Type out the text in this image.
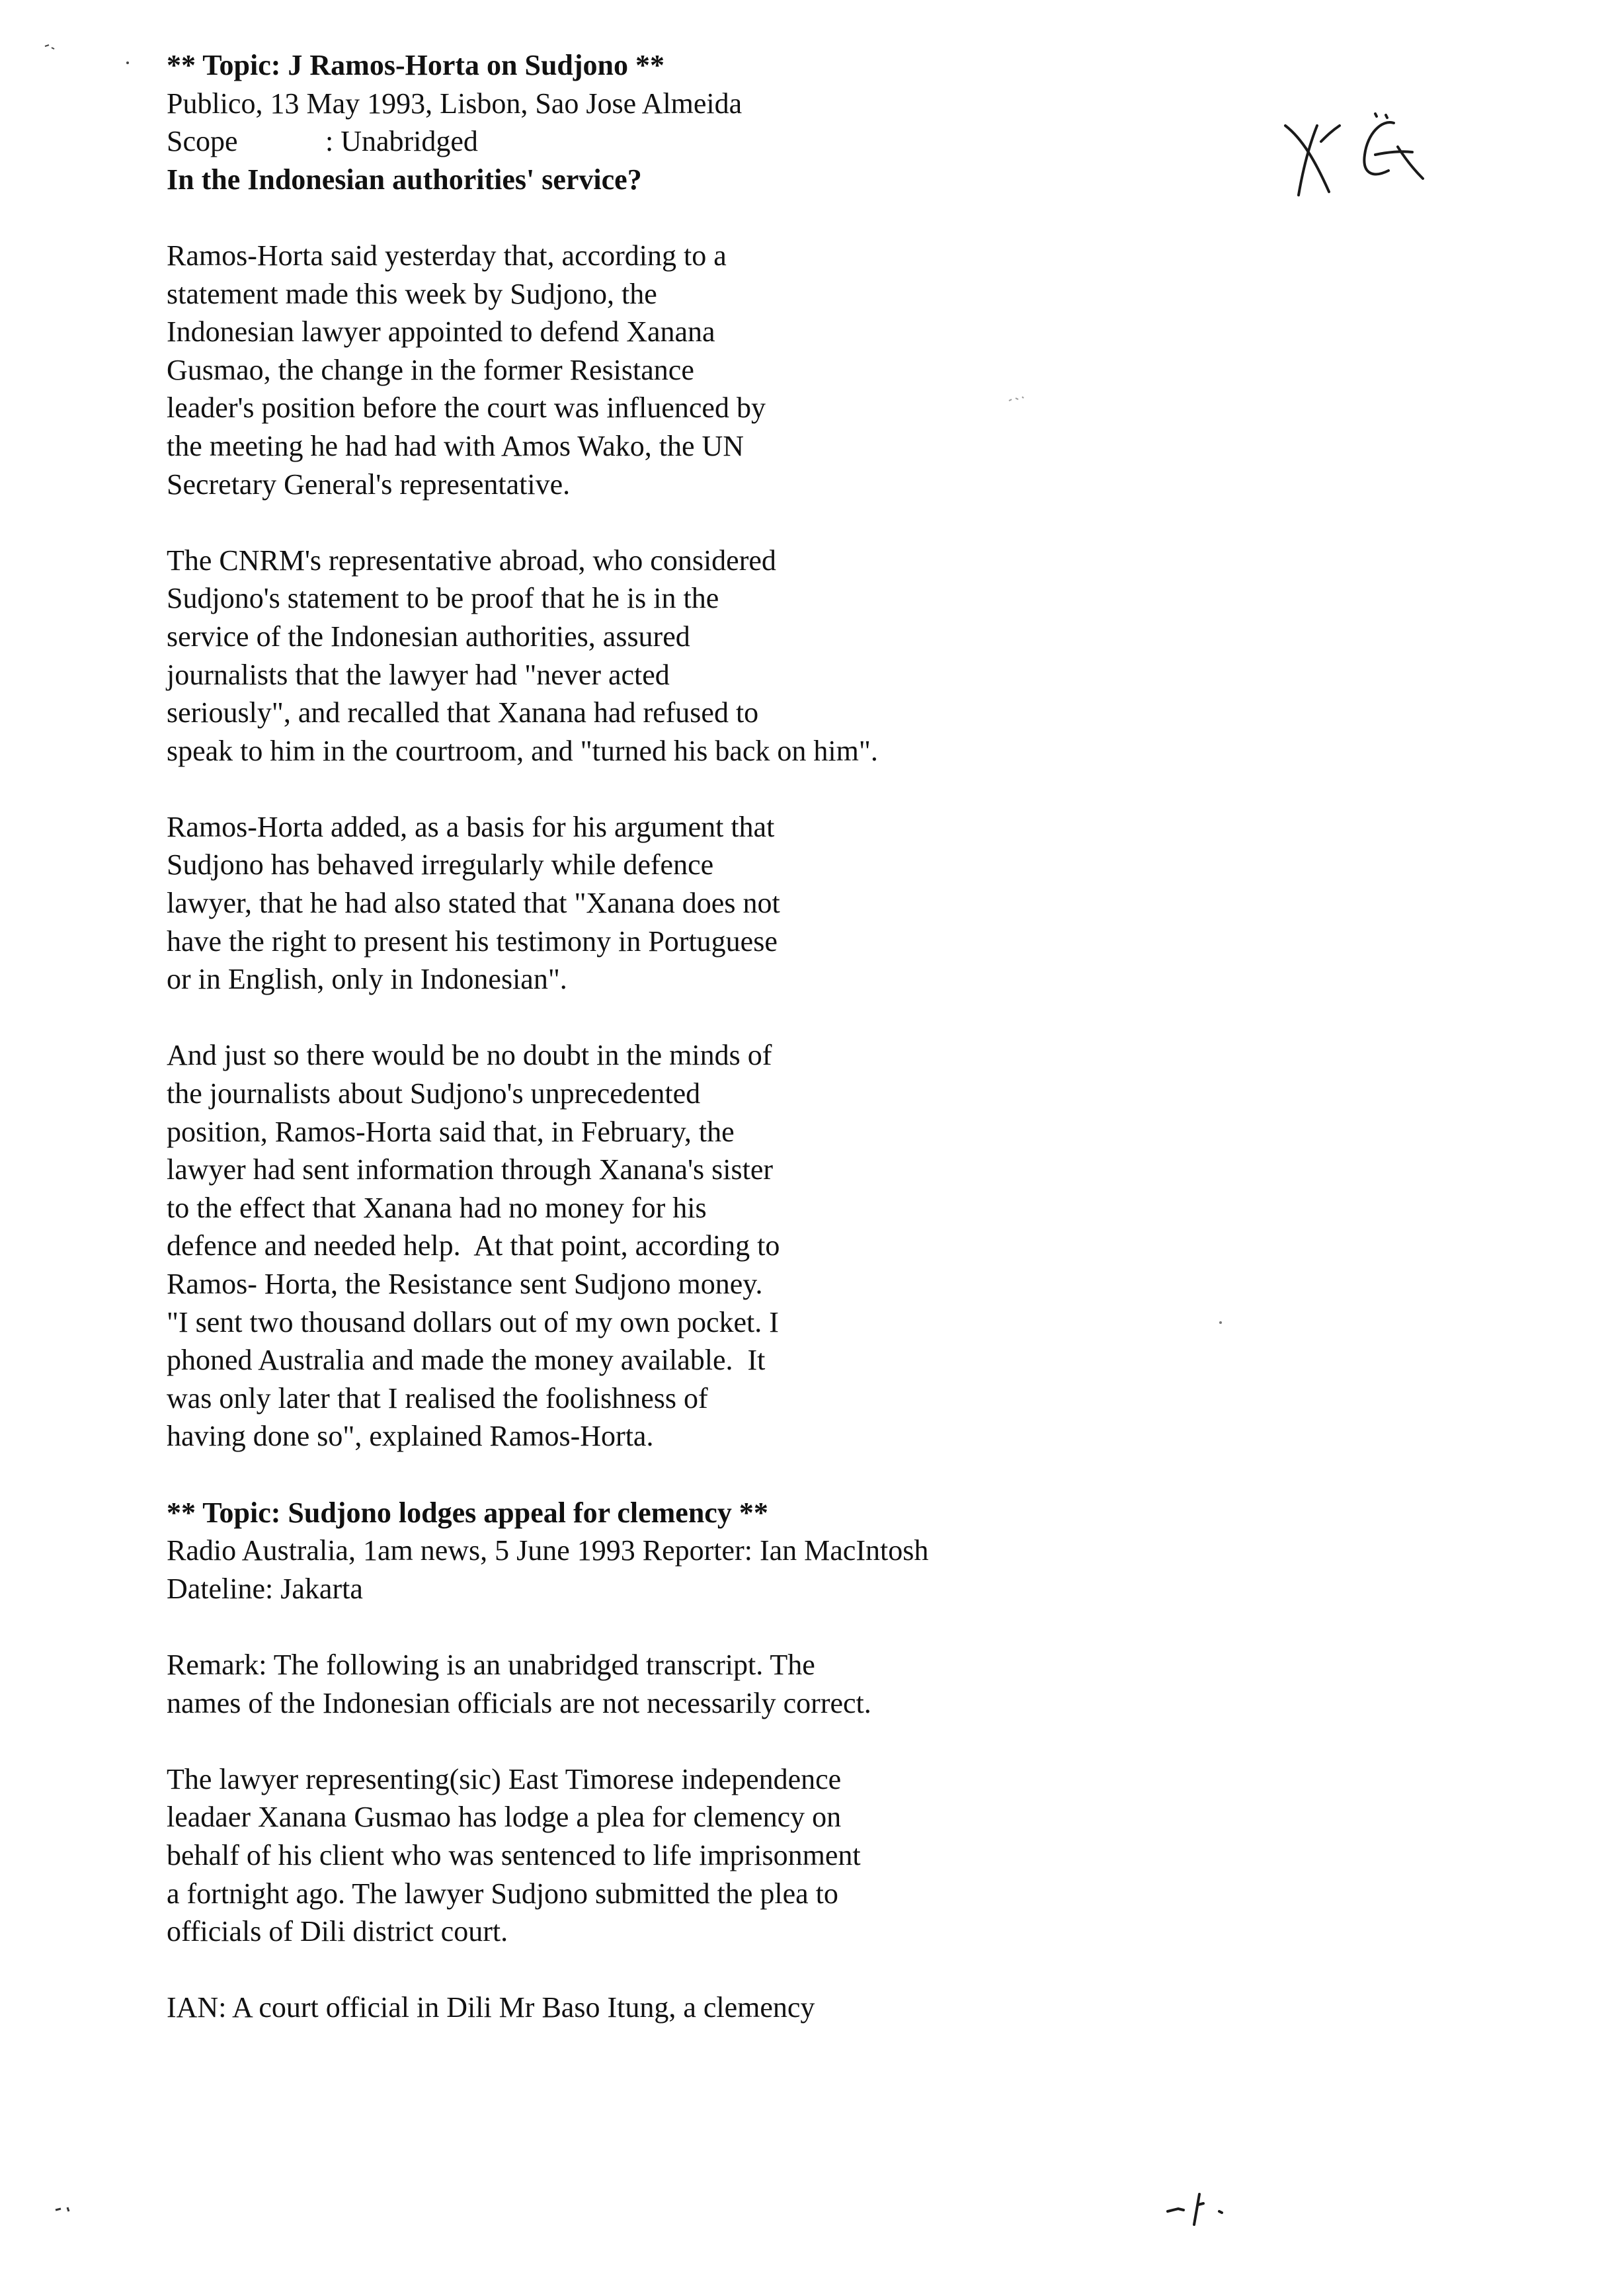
** Topic: J Ramos-Horta on Sudjono **
Publico, 13 May 1993, Lisbon, Sao Jose Almeida
Scope	: Unabridged
In the Indonesian authorities' service?
Ramos-Horta said yesterday that, according to a
statement made this week by Sudjono, the
Indonesian lawyer appointed to defend Xanana
Gusmao, the change in the former Resistance
leader's position before the court was influenced by
the meeting he had had with Amos Wako, the UN
Secretary General's representative.
The CNRM's representative abroad, who considered
Sudjono's statement to be proof that he is in the
service of the Indonesian authorities, assured
journalists that the lawyer had "never acted
seriously", and recalled that Xanana had refused to
speak to him in the courtroom, and "turned his back on him".
Ramos-Horta added, as a basis for his argument that
Sudjono has behaved irregularly while defence
lawyer, that he had also stated that "Xanana does not
have the right to present his testimony in Portuguese
or in English, only in Indonesian".
And just so there would be no doubt in the minds of
the journalists about Sudjono's unprecedented
position, Ramos-Horta said that, in February, the
lawyer had sent information through Xanana's sister
to the effect that Xanana had no money for his
defence and needed help.  At that point, according to
Ramos- Horta, the Resistance sent Sudjono money.
"I sent two thousand dollars out of my own pocket. I
phoned Australia and made the money available.  It
was only later that I realised the foolishness of
having done so", explained Ramos-Horta.
** Topic: Sudjono lodges appeal for clemency **
Radio Australia, 1am news, 5 June 1993 Reporter: Ian MacIntosh
Dateline: Jakarta
Remark: The following is an unabridged transcript. The
names of the Indonesian officials are not necessarily correct.
The lawyer representing(sic) East Timorese independence
leadaer Xanana Gusmao has lodge a plea for clemency on
behalf of his client who was sentenced to life imprisonment
a fortnight ago. The lawyer Sudjono submitted the plea to
officials of Dili district court.
IAN: A court official in Dili Mr Baso Itung, a clemency
